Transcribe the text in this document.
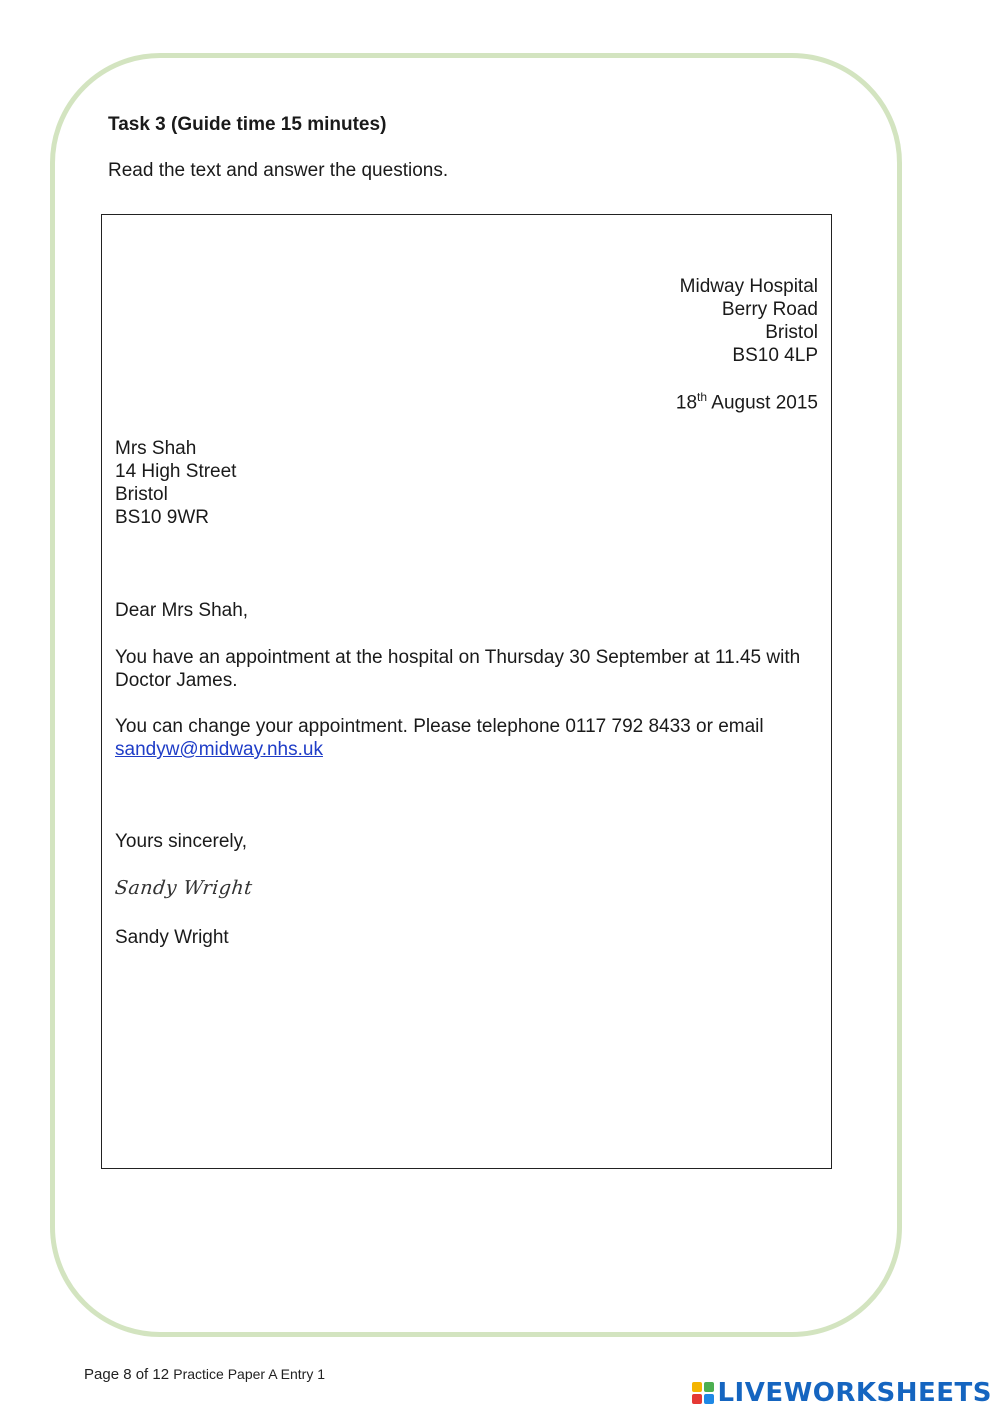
Task 3 (Guide time 15 minutes)

Read the text and answer the questions.

Midway Hospital
Berry Road
Bristol
BS10 4LP
18th August 2015
Mrs Shah
14 High Street
Bristol
BS10 9WR
Dear Mrs Shah,

You have an appointment at the hospital on Thursday 30 September at 11.45 with Doctor James.

You can change your appointment. Please telephone 0117 792 8433 or email
sandyw@midway.nhs.uk

Yours sincerely,
Sandy Wright
Sandy Wright
Page 8 of 12 Practice Paper A Entry 1
LIVEWORKSHEETS
